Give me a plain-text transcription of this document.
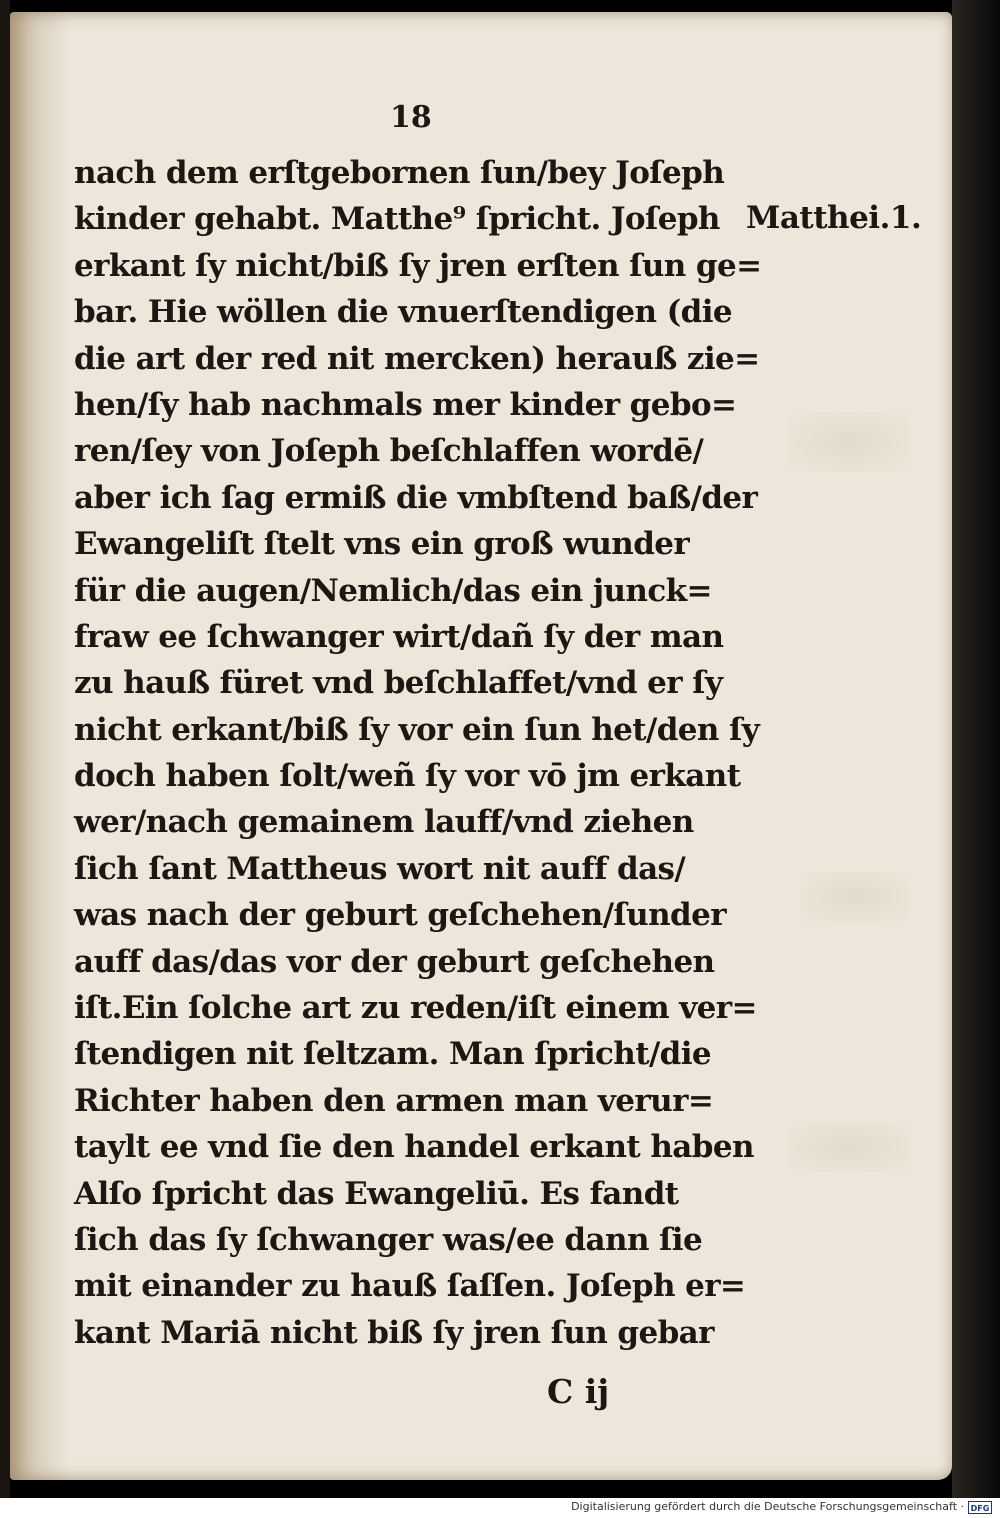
18
nach dem erſtgebornen ſun/bey Joſeph
kinder gehabt. Matthe⁹ ſpricht. Joſeph
erkant ſy nicht/biß ſy jren erſten ſun ge=
bar. Hie wöllen die vnuerſtendigen (die
die art der red nit mercken) herauß zie=
hen/ſy hab nachmals mer kinder gebo=
ren/ſey von Joſeph beſchlaffen wordē/
aber ich ſag ermiß die vmbſtend baß/der
Ewangeliſt ſtelt vns ein groß wunder
für die augen/Nemlich/das ein junck=
fraw ee ſchwanger wirt/dañ ſy der man
zu hauß füret vnd beſchlaffet/vnd er ſy
nicht erkant/biß ſy vor ein ſun het/den ſy
doch haben ſolt/weñ ſy vor vō jm erkant
wer/nach gemainem lauff/vnd ziehen
ſich ſant Mattheus wort nit auff das/
was nach der geburt geſchehen/ſunder
auff das/das vor der geburt geſchehen
iſt.Ein ſolche art zu reden/iſt einem ver=
ſtendigen nit ſeltzam. Man ſpricht/die
Richter haben den armen man verur=
taylt ee vnd ſie den handel erkant haben
Alſo ſpricht das Ewangeliū. Es fandt
ſich das ſy ſchwanger was/ee dann ſie
mit einander zu hauß ſaſſen. Joſeph er=
kant Mariā nicht biß ſy jren ſun gebar
Matthei.1.
C ij
Digitalisierung gefördert durch die Deutsche Forschungsgemeinschaft · DFG
